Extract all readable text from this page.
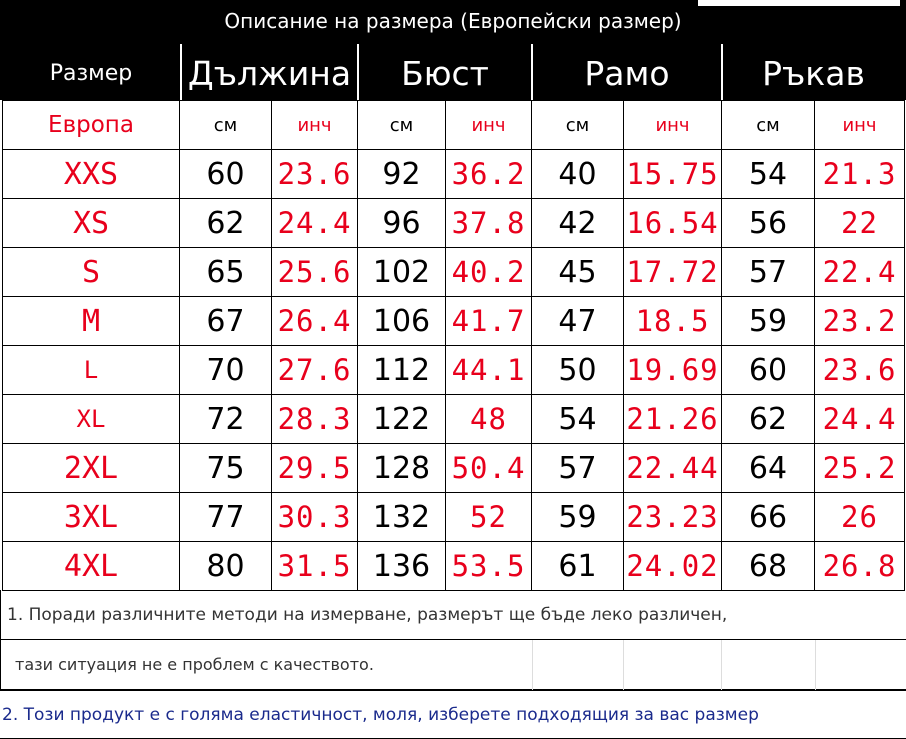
Описание на размера (Европейски размер)
Размер	Дължина	Бюст	Рамо	Ръкав
Европа	см	инч	см	инч	см	инч	см	инч
XXS	60	23.6	92	36.2	40	15.75	54	21.3
XS	62	24.4	96	37.8	42	16.54	56	22
S	65	25.6	102	40.2	45	17.72	57	22.4
M	67	26.4	106	41.7	47	18.5	59	23.2
L	70	27.6	112	44.1	50	19.69	60	23.6
XL	72	28.3	122	48	54	21.26	62	24.4
2XL	75	29.5	128	50.4	57	22.44	64	25.2
3XL	77	30.3	132	52	59	23.23	66	26
4XL	80	31.5	136	53.5	61	24.02	68	26.8
1. Поради различните методи на измерване, размерът ще бъде леко различен,
тази ситуация не е проблем с качеството.
2. Този продукт е с голяма еластичност, моля, изберете подходящия за вас размер
